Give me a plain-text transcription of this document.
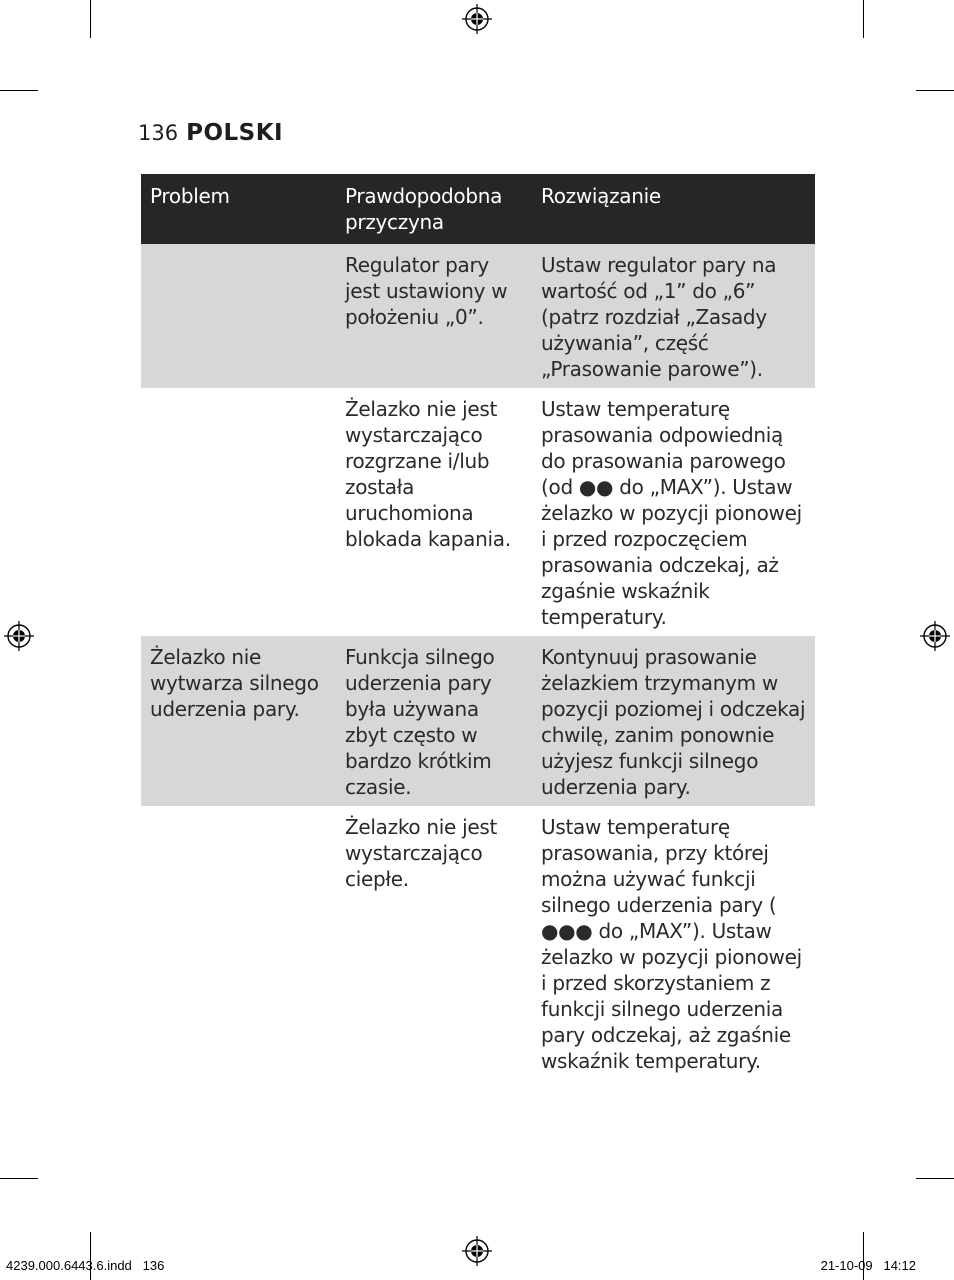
136 POLSKI
Problem	Prawdopodobna przyczyna	Rozwiązanie
	Regulator pary jest ustawiony w położeniu „0”.	Ustaw regulator pary na wartość od „1” do „6” (patrz rozdział „Zasady używania”, część „Prasowanie parowe”).
	Żelazko nie jest wystarczająco rozgrzane i/lub została uruchomiona blokada kapania.	Ustaw temperaturę prasowania odpowiednią do prasowania parowego (od ●● do „MAX”). Ustaw żelazko w pozycji pionowej i przed rozpoczęciem prasowania odczekaj, aż zgaśnie wskaźnik temperatury.
Żelazko nie wytwarza silnego uderzenia pary.	Funkcja silnego uderzenia pary była używana zbyt często w bardzo krótkim czasie.	Kontynuuj prasowanie żelazkiem trzymanym w pozycji poziomej i odczekaj chwilę, zanim ponownie użyjesz funkcji silnego uderzenia pary.
	Żelazko nie jest wystarczająco ciepłe.	Ustaw temperaturę prasowania, przy której można używać funkcji silnego uderzenia pary ( ●●● do „MAX”). Ustaw żelazko w pozycji pionowej i przed skorzystaniem z funkcji silnego uderzenia pary odczekaj, aż zgaśnie wskaźnik temperatury.
4239.000.6443.6.indd   136	21-10-09   14:12
